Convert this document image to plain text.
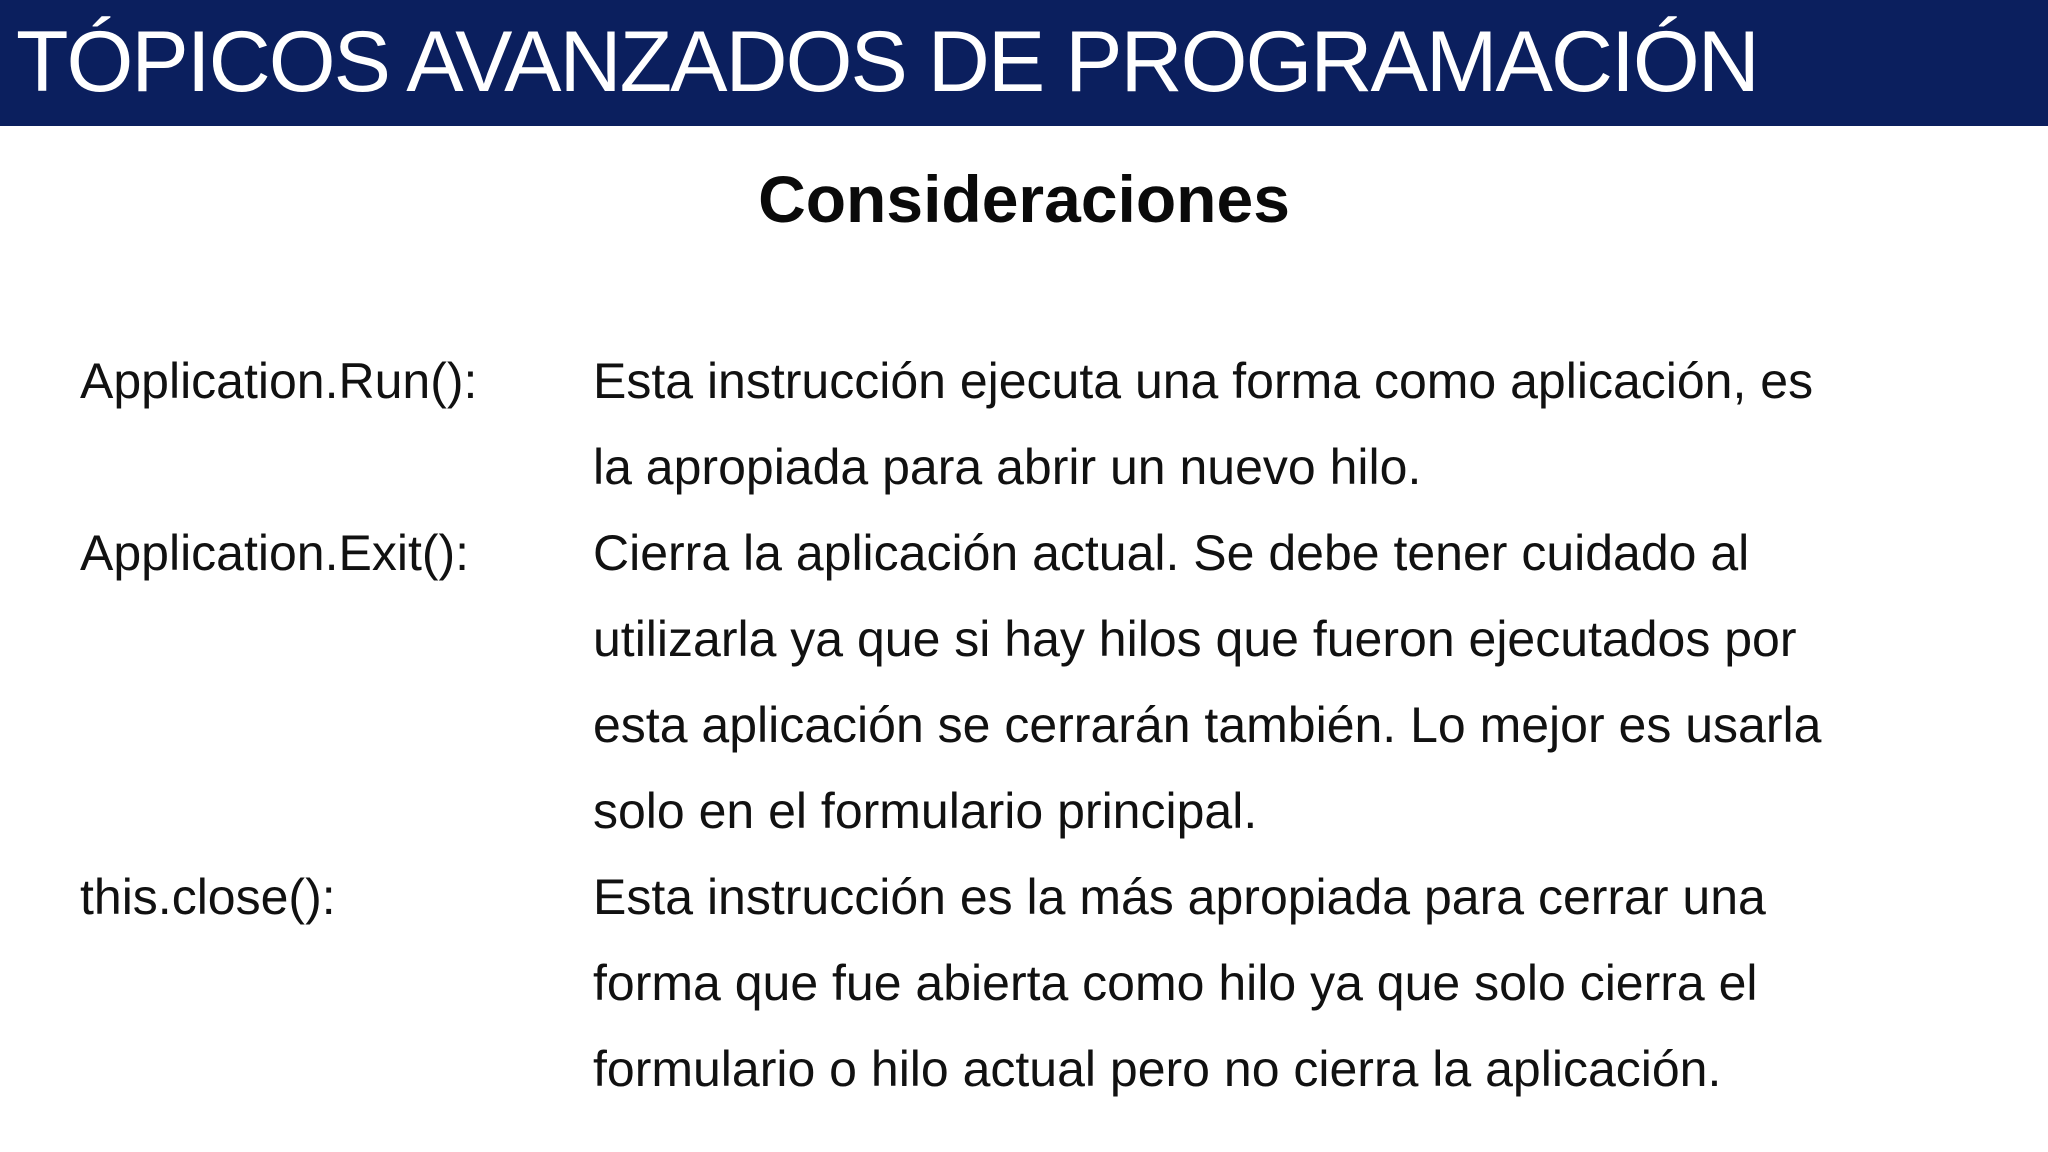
TÓPICOS AVANZADOS DE PROGRAMACIÓN
Consideraciones
Application.Run():	Esta instrucción ejecuta una forma como aplicación, es
la apropiada para abrir un nuevo hilo.
Application.Exit():	Cierra la aplicación actual. Se debe tener cuidado al
utilizarla ya que si hay hilos que fueron ejecutados por
esta aplicación se cerrarán también. Lo mejor es usarla
solo en el formulario principal.
this.close():	Esta instrucción es la más apropiada para cerrar una
forma que fue abierta como hilo ya que solo cierra el
formulario o hilo actual pero no cierra la aplicación.
